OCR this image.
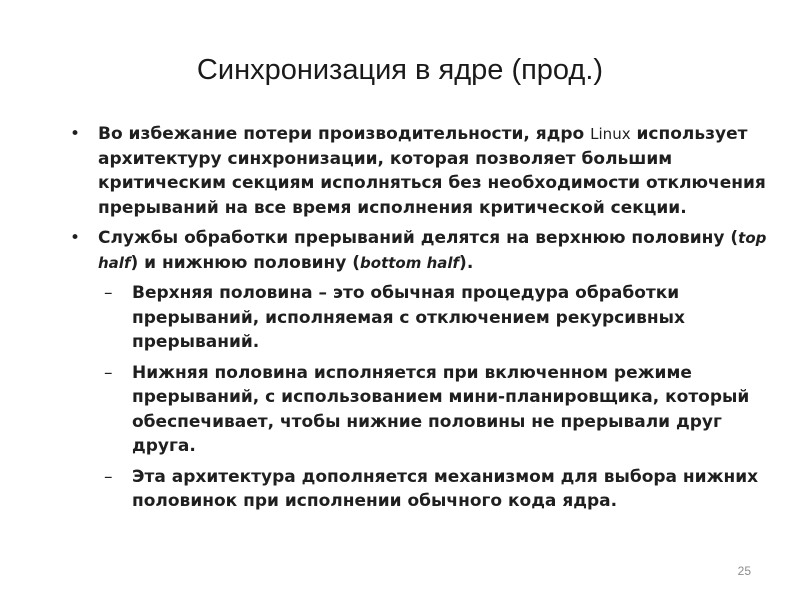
Синхронизация в ядре (прод.)
• Во избежание потери производительности, ядро Linux использует архитектуру синхронизации, которая позволяет большим критическим секциям исполняться без необходимости отключения прерываний на все время исполнения критической секции.
• Службы обработки прерываний делятся на верхнюю половину (top half) и нижнюю половину (bottom half).
– Верхняя половина – это обычная процедура обработки прерываний, исполняемая с отключением рекурсивных прерываний.
– Нижняя половина исполняется при включенном режиме прерываний, с использованием мини-планировщика, который обеспечивает, чтобы нижние половины не прерывали друг друга.
– Эта архитектура дополняется механизмом для выбора нижних половинок при исполнении обычного кода ядра.
25
